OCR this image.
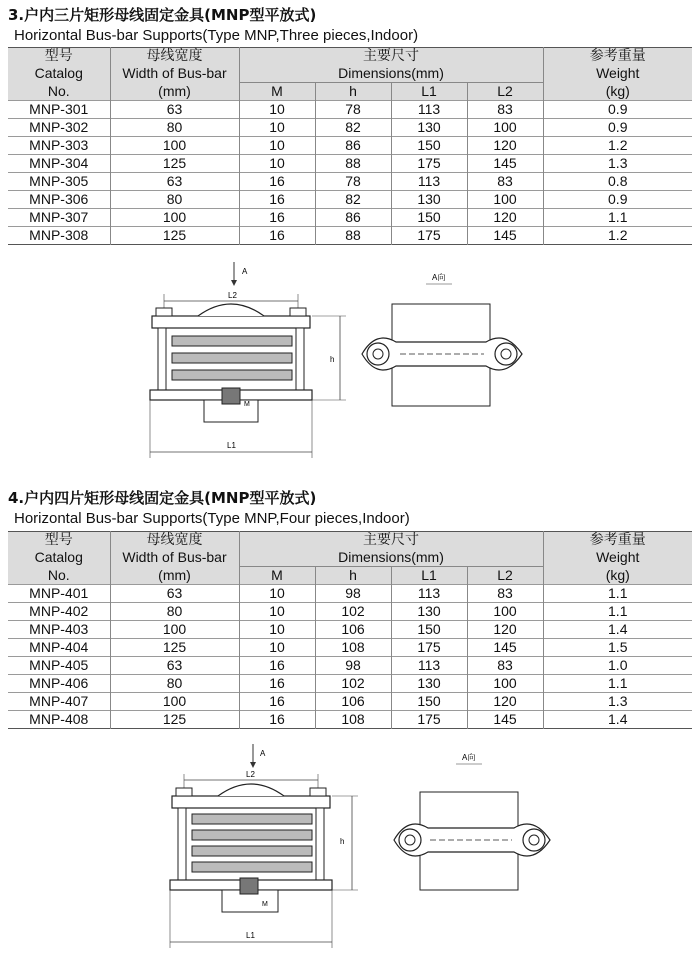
3.户内三片矩形母线固定金具(MNP型平放式)
Horizontal Bus-bar Supports(Type MNP,Three pieces,Indoor)
型号	母线宽度	主要尺寸				参考重量
Catalog	Width of Bus-bar	Dimensions(mm)				Weight
No.	(mm)	M	h	L1	L2	(kg)
MNP-301	63	10	78	113	83	0.9
MNP-302	80	10	82	130	100	0.9
MNP-303	100	10	86	150	120	1.2
MNP-304	125	10	88	175	145	1.3
MNP-305	63	16	78	113	83	0.8
MNP-306	80	16	82	130	100	0.9
MNP-307	100	16	86	150	120	1.1
MNP-308	125	16	88	175	145	1.2
A
L2
M
h
L1
A向
4.户内四片矩形母线固定金具(MNP型平放式)
Horizontal Bus-bar Supports(Type MNP,Four pieces,Indoor)
型号	母线宽度	主要尺寸				参考重量
Catalog	Width of Bus-bar	Dimensions(mm)				Weight
No.	(mm)	M	h	L1	L2	(kg)
MNP-401	63	10	98	113	83	1.1
MNP-402	80	10	102	130	100	1.1
MNP-403	100	10	106	150	120	1.4
MNP-404	125	10	108	175	145	1.5
MNP-405	63	16	98	113	83	1.0
MNP-406	80	16	102	130	100	1.1
MNP-407	100	16	106	150	120	1.3
MNP-408	125	16	108	175	145	1.4
A
L2
M
h
L1
A向
